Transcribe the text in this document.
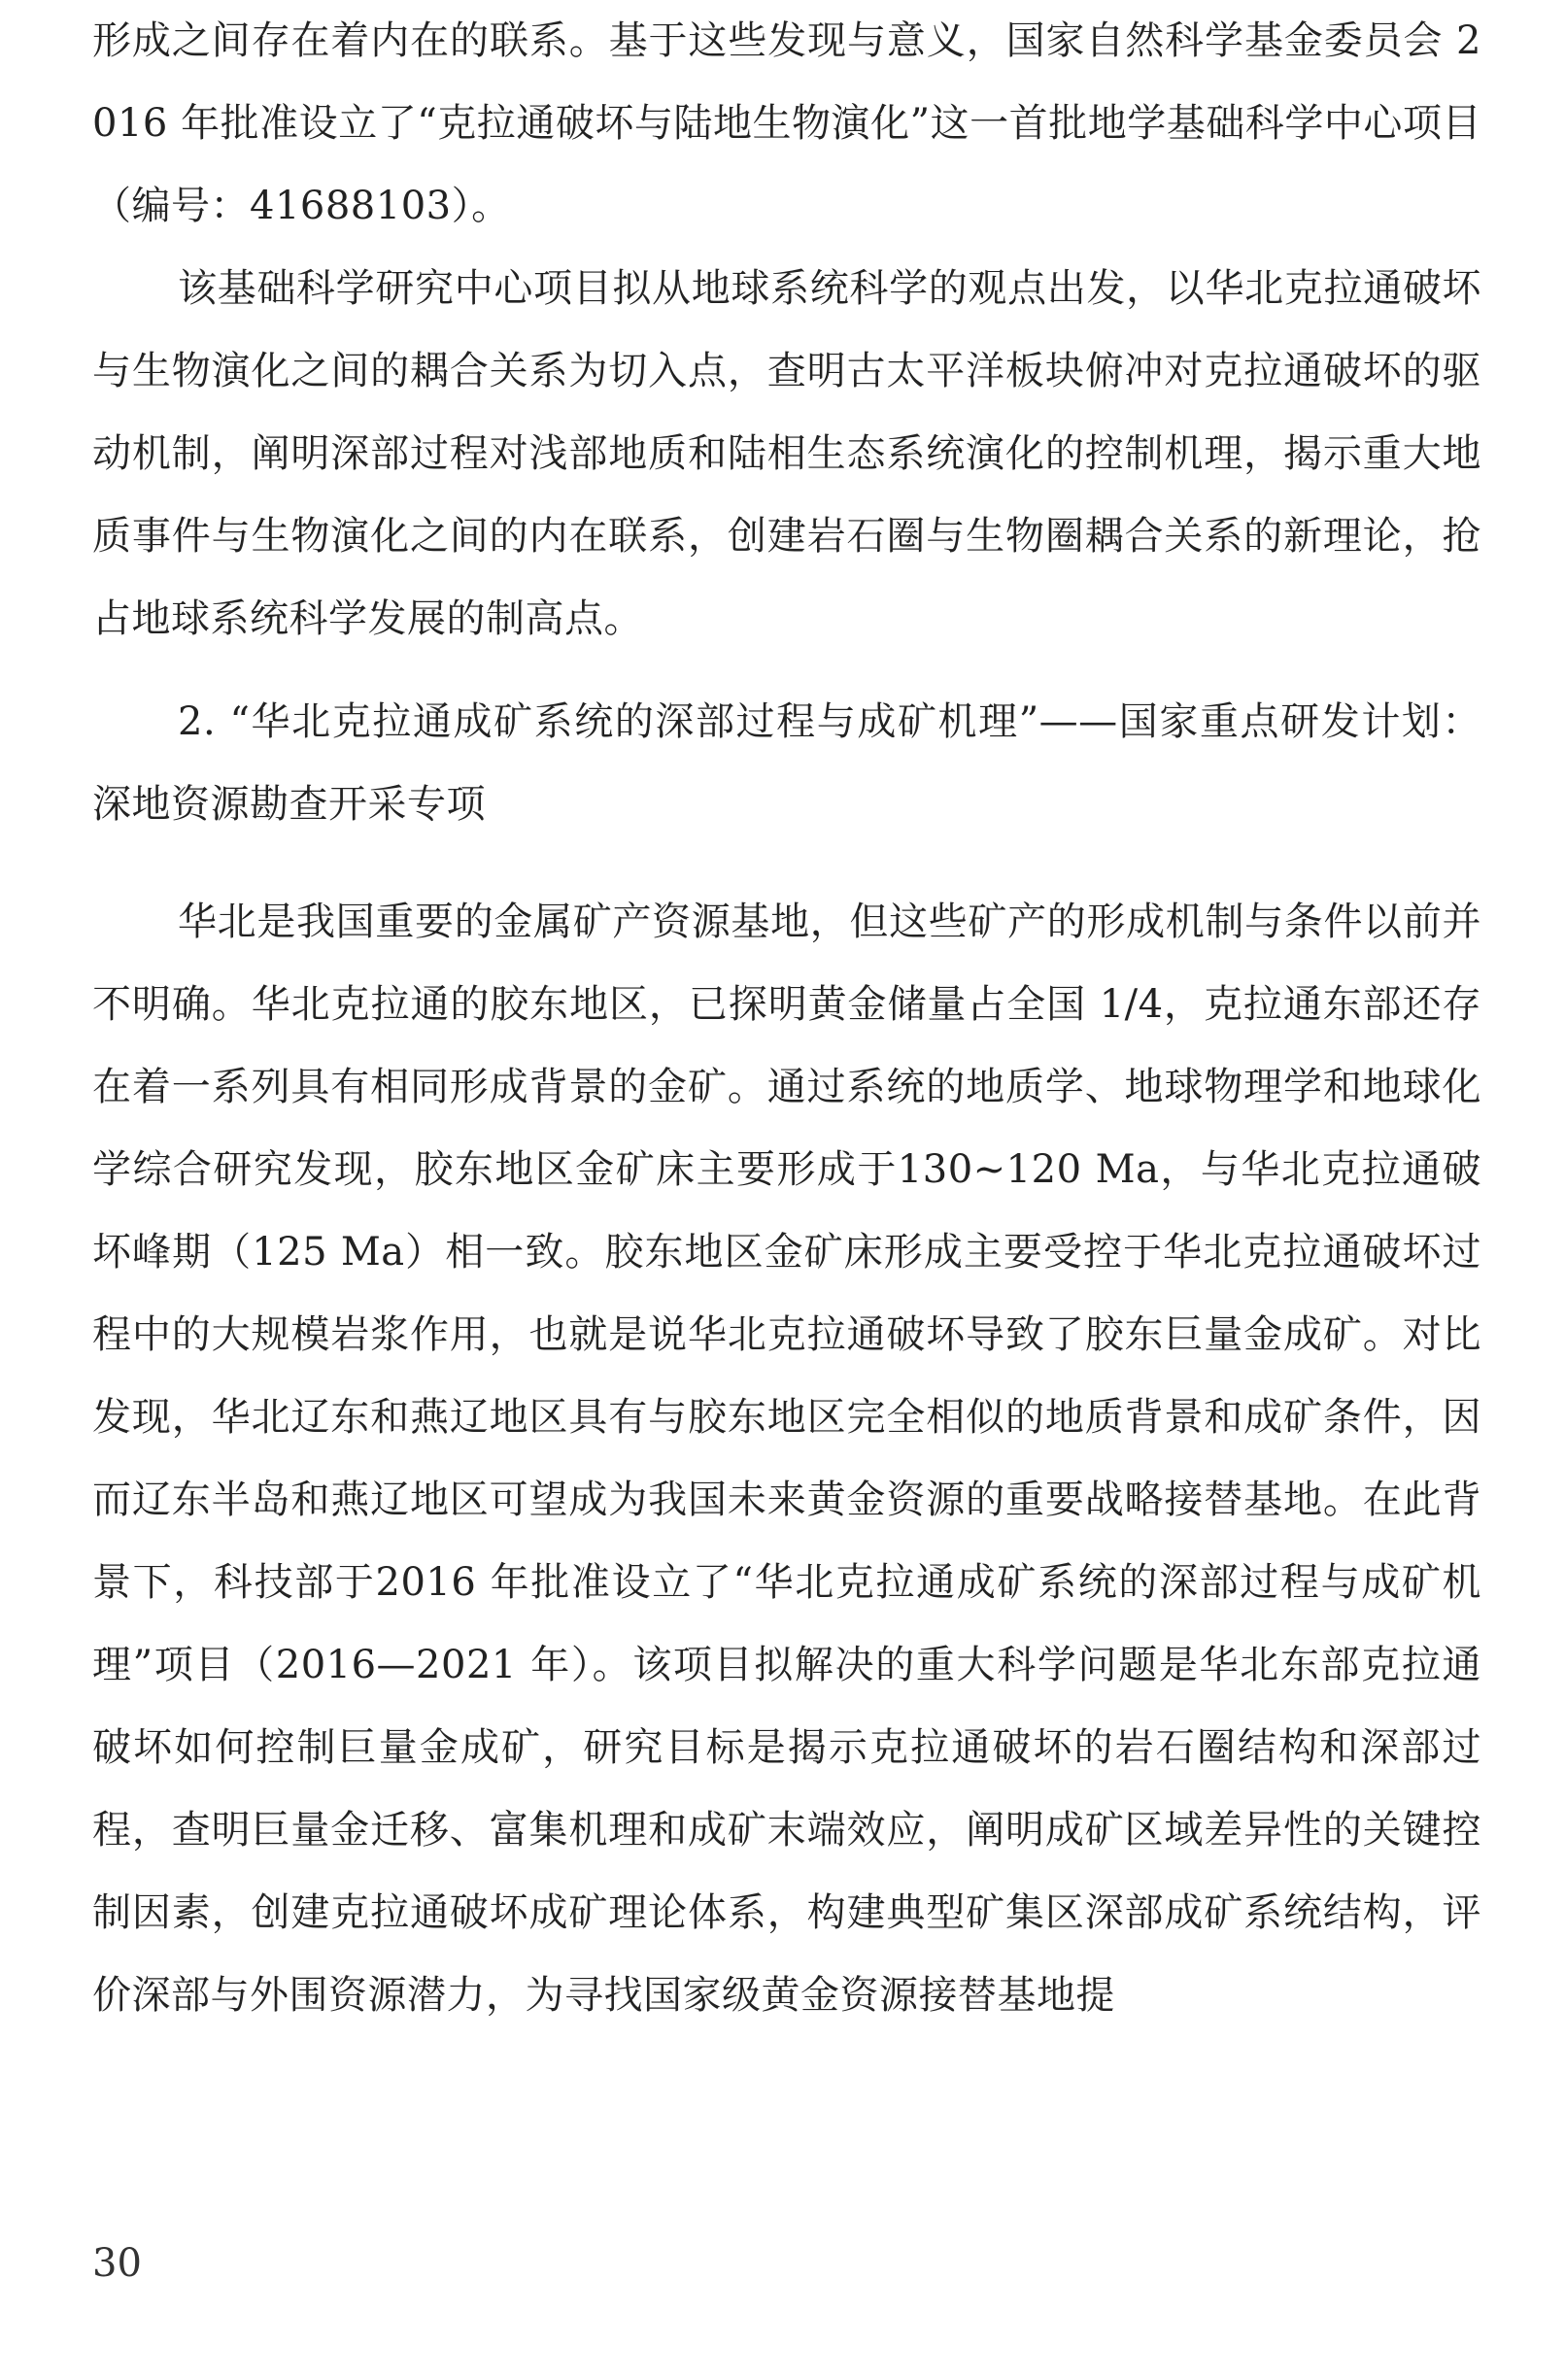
形成之间存在着内在的联系。基于这些发现与意义，国家自然科学基金委员会 2016 年批准设立了“克拉通破坏与陆地生物演化”这一首批地学基础科学中心项目（编号：41688103）。

该基础科学研究中心项目拟从地球系统科学的观点出发，以华北克拉通破坏与生物演化之间的耦合关系为切入点，查明古太平洋板块俯冲对克拉通破坏的驱动机制，阐明深部过程对浅部地质和陆相生态系统演化的控制机理，揭示重大地质事件与生物演化之间的内在联系，创建岩石圈与生物圈耦合关系的新理论，抢占地球系统科学发展的制高点。

2. “华北克拉通成矿系统的深部过程与成矿机理”——国家重点研发计划：深地资源勘查开采专项

华北是我国重要的金属矿产资源基地，但这些矿产的形成机制与条件以前并不明确。华北克拉通的胶东地区，已探明黄金储量占全国 1/4，克拉通东部还存在着一系列具有相同形成背景的金矿。通过系统的地质学、地球物理学和地球化学综合研究发现，胶东地区金矿床主要形成于130~120 Ma，与华北克拉通破坏峰期（125 Ma）相一致。胶东地区金矿床形成主要受控于华北克拉通破坏过程中的大规模岩浆作用，也就是说华北克拉通破坏导致了胶东巨量金成矿。对比发现，华北辽东和燕辽地区具有与胶东地区完全相似的地质背景和成矿条件，因而辽东半岛和燕辽地区可望成为我国未来黄金资源的重要战略接替基地。在此背景下，科技部于2016 年批准设立了“华北克拉通成矿系统的深部过程与成矿机理”项目（2016—2021 年）。该项目拟解决的重大科学问题是华北东部克拉通破坏如何控制巨量金成矿，研究目标是揭示克拉通破坏的岩石圈结构和深部过程，查明巨量金迁移、富集机理和成矿末端效应，阐明成矿区域差异性的关键控制因素，创建克拉通破坏成矿理论体系，构建典型矿集区深部成矿系统结构，评价深部与外围资源潜力，为寻找国家级黄金资源接替基地提

30
